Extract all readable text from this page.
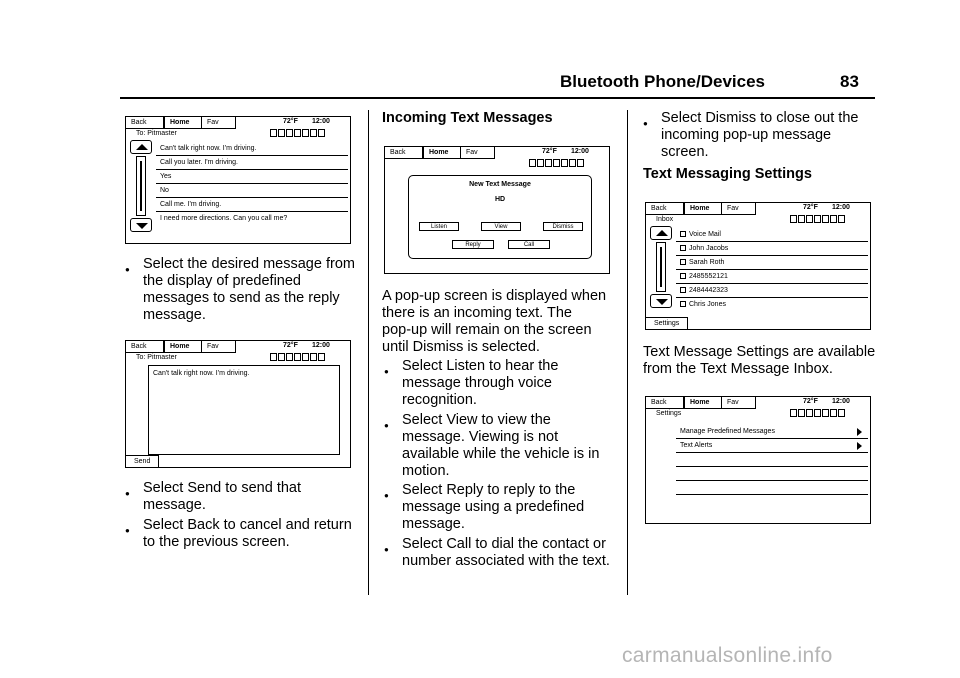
Bluetooth Phone/Devices	83
Back	Home	Fav	72°F 12:00
To: Pitmaster
Can't talk right now. I'm driving.
Call you later. I'm driving.
Yes
No
Call me. I'm driving.
I need more directions. Can you call me?
● Select the desired message from
the display of predefined
messages to send as the reply
message.
Back	Home	Fav	72°F 12:00
To: Pitmaster
Can't talk right now. I'm driving.
Send
● Select Send to send that
message.
● Select Back to cancel and return
to the previous screen.
Incoming Text Messages
Back	Home	Fav	72°F 12:00
New Text Message
HD
Listen	View	Dismiss
Reply	Call
A pop-up screen is displayed when
there is an incoming text. The
pop-up will remain on the screen
until Dismiss is selected.
● Select Listen to hear the
message through voice
recognition.
● Select View to view the
message. Viewing is not
available while the vehicle is in
motion.
● Select Reply to reply to the
message using a predefined
message.
● Select Call to dial the contact or
number associated with the text.
● Select Dismiss to close out the
incoming pop-up message
screen.
Text Messaging Settings
Back	Home	Fav	72°F 12:00
Inbox
Voice Mail
John Jacobs
Sarah Roth
2485552121
2484442323
Chris Jones
Settings
Text Message Settings are available
from the Text Message Inbox.
Back	Home	Fav	72°F 12:00
Settings
Manage Predefined Messages
Text Alerts
carmanualsonline.info
